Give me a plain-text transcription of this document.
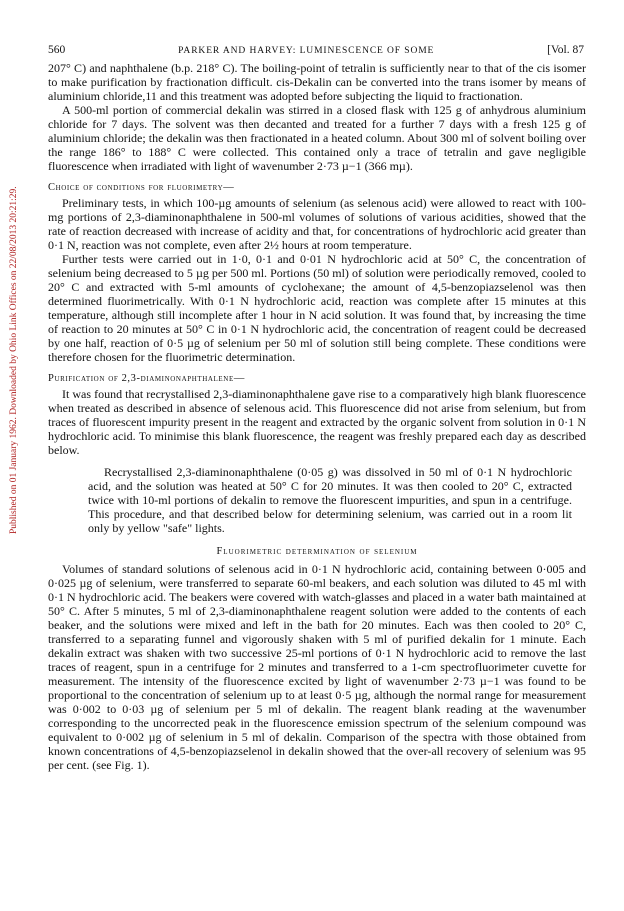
560	PARKER AND HARVEY: LUMINESCENCE OF SOME	[Vol. 87
Published on 01 January 1962. Downloaded by Ohio Link Offices on 22/08/2013 20:21:29.

207° C) and naphthalene (b.p. 218° C). The boiling-point of tetralin is sufficiently near to that of the cis isomer to make purification by fractionation difficult. cis-Dekalin can be converted into the trans isomer by means of aluminium chloride,11 and this treatment was adopted before subjecting the liquid to fractionation.

A 500-ml portion of commercial dekalin was stirred in a closed flask with 125 g of anhydrous aluminium chloride for 7 days. The solvent was then decanted and treated for a further 7 days with a fresh 125 g of aluminium chloride; the dekalin was then fractionated in a heated column. About 300 ml of solvent boiling over the range 186° to 188° C were collected. This contained only a trace of tetralin and gave negligible fluorescence when irradiated with light of wavenumber 2·73 µ−1 (366 mµ).

Choice of conditions for fluorimetry—

Preliminary tests, in which 100-µg amounts of selenium (as selenous acid) were allowed to react with 100-mg portions of 2,3-diaminonaphthalene in 500-ml volumes of solutions of various acidities, showed that the rate of reaction decreased with increase of acidity and that, for concentrations of hydrochloric acid greater than 0·1 N, reaction was not complete, even after 2½ hours at room temperature.

Further tests were carried out in 1·0, 0·1 and 0·01 N hydrochloric acid at 50° C, the concentration of selenium being decreased to 5 µg per 500 ml. Portions (50 ml) of solution were periodically removed, cooled to 20° C and extracted with 5-ml amounts of cyclohexane; the amount of 4,5-benzopiazselenol was then determined fluorimetrically. With 0·1 N hydrochloric acid, reaction was complete after 15 minutes at this temperature, although still incomplete after 1 hour in N acid solution. It was found that, by increasing the time of reaction to 20 minutes at 50° C in 0·1 N hydrochloric acid, the concentration of reagent could be decreased by one half, reaction of 0·5 µg of selenium per 50 ml of solution still being complete. These conditions were therefore chosen for the fluorimetric determination.

Purification of 2,3-diaminonaphthalene—

It was found that recrystallised 2,3-diaminonaphthalene gave rise to a comparatively high blank fluorescence when treated as described in absence of selenous acid. This fluorescence did not arise from selenium, but from traces of fluorescent impurity present in the reagent and extracted by the organic solvent from solution in 0·1 N hydrochloric acid. To minimise this blank fluorescence, the reagent was freshly prepared each day as described below.

Recrystallised 2,3-diaminonaphthalene (0·05 g) was dissolved in 50 ml of 0·1 N hydrochloric acid, and the solution was heated at 50° C for 20 minutes. It was then cooled to 20° C, extracted twice with 10-ml portions of dekalin to remove the fluorescent impurities, and spun in a centrifuge. This procedure, and that described below for determining selenium, was carried out in a room lit only by yellow "safe" lights.

Fluorimetric determination of selenium

Volumes of standard solutions of selenous acid in 0·1 N hydrochloric acid, containing between 0·005 and 0·025 µg of selenium, were transferred to separate 60-ml beakers, and each solution was diluted to 45 ml with 0·1 N hydrochloric acid. The beakers were covered with watch-glasses and placed in a water bath maintained at 50° C. After 5 minutes, 5 ml of 2,3-diaminonaphthalene reagent solution were added to the contents of each beaker, and the solutions were mixed and left in the bath for 20 minutes. Each was then cooled to 20° C, transferred to a separating funnel and vigorously shaken with 5 ml of purified dekalin for 1 minute. Each dekalin extract was shaken with two successive 25-ml portions of 0·1 N hydrochloric acid to remove the last traces of reagent, spun in a centrifuge for 2 minutes and transferred to a 1-cm spectrofluorimeter cuvette for measurement. The intensity of the fluorescence excited by light of wavenumber 2·73 µ−1 was found to be proportional to the concentration of selenium up to at least 0·5 µg, although the normal range for measurement was 0·002 to 0·03 µg of selenium per 5 ml of dekalin. The reagent blank reading at the wavenumber corresponding to the uncorrected peak in the fluorescence emission spectrum of the selenium compound was equivalent to 0·002 µg of selenium in 5 ml of dekalin. Comparison of the spectra with those obtained from known concentrations of 4,5-benzopiazselenol in dekalin showed that the over-all recovery of selenium was 95 per cent. (see Fig. 1).
